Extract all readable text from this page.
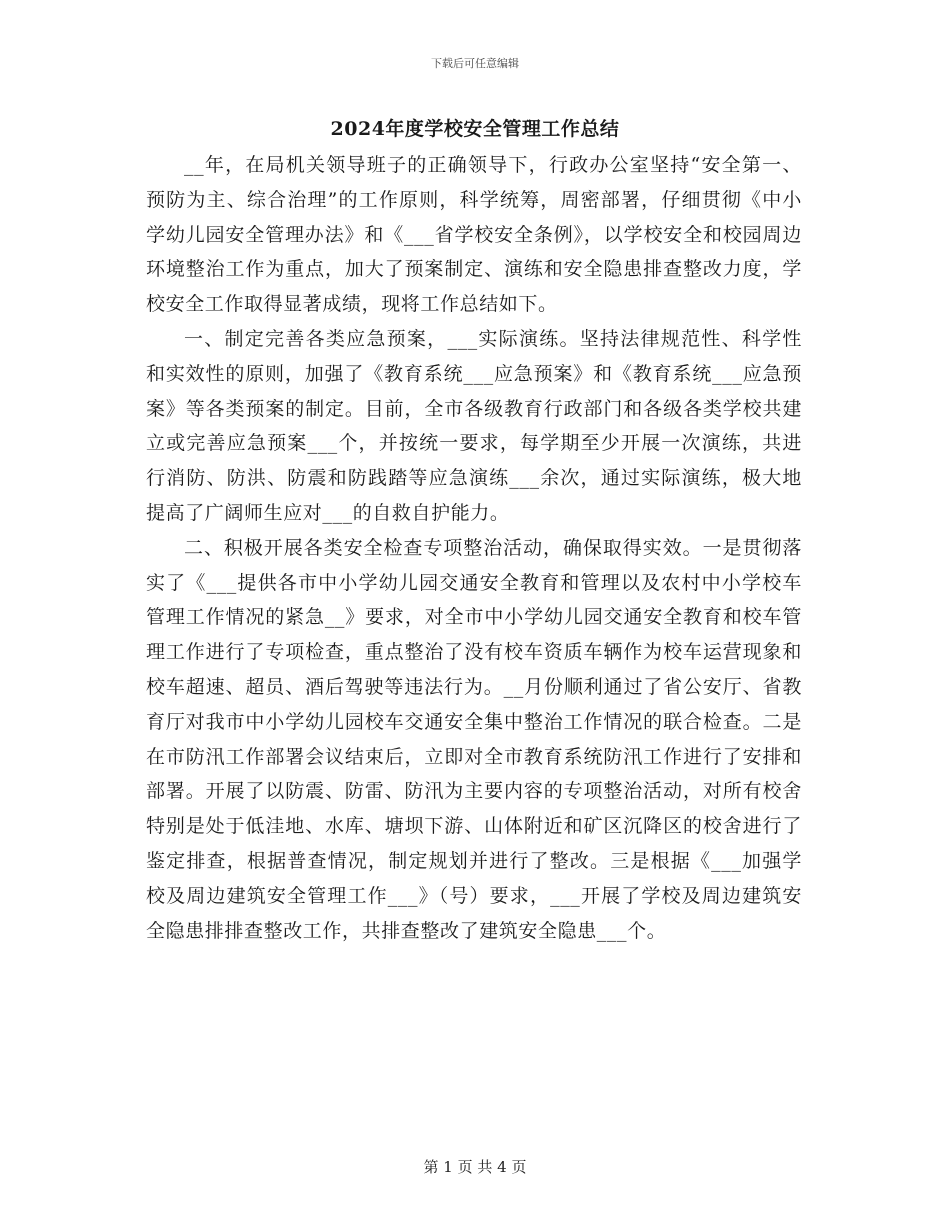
下载后可任意编辑
2024年度学校安全管理工作总结

__年，在局机关领导班子的正确领导下，行政办公室坚持“安全第一、预防为主、综合治理”的工作原则，科学统筹，周密部署，仔细贯彻《中小学幼儿园安全管理办法》和《___省学校安全条例》，以学校安全和校园周边环境整治工作为重点，加大了预案制定、演练和安全隐患排查整改力度，学校安全工作取得显著成绩，现将工作总结如下。

一、制定完善各类应急预案，___实际演练。坚持法律规范性、科学性和实效性的原则，加强了《教育系统___应急预案》和《教育系统___应急预案》等各类预案的制定。目前，全市各级教育行政部门和各级各类学校共建立或完善应急预案___个，并按统一要求，每学期至少开展一次演练，共进行消防、防洪、防震和防践踏等应急演练___余次，通过实际演练，极大地提高了广阔师生应对___的自救自护能力。

二、积极开展各类安全检查专项整治活动，确保取得实效。一是贯彻落实了《___提供各市中小学幼儿园交通安全教育和管理以及农村中小学校车管理工作情况的紧急__》要求，对全市中小学幼儿园交通安全教育和校车管理工作进行了专项检查，重点整治了没有校车资质车辆作为校车运营现象和校车超速、超员、酒后驾驶等违法行为。__月份顺利通过了省公安厅、省教育厅对我市中小学幼儿园校车交通安全集中整治工作情况的联合检查。二是在市防汛工作部署会议结束后，立即对全市教育系统防汛工作进行了安排和部署。开展了以防震、防雷、防汛为主要内容的专项整治活动，对所有校舍特别是处于低洼地、水库、塘坝下游、山体附近和矿区沉降区的校舍进行了鉴定排查，根据普查情况，制定规划并进行了整改。三是根据《___加强学校及周边建筑安全管理工作___》（号）要求，___开展了学校及周边建筑安全隐患排排查整改工作，共排查整改了建筑安全隐患___个。

第 1 页 共 4 页
